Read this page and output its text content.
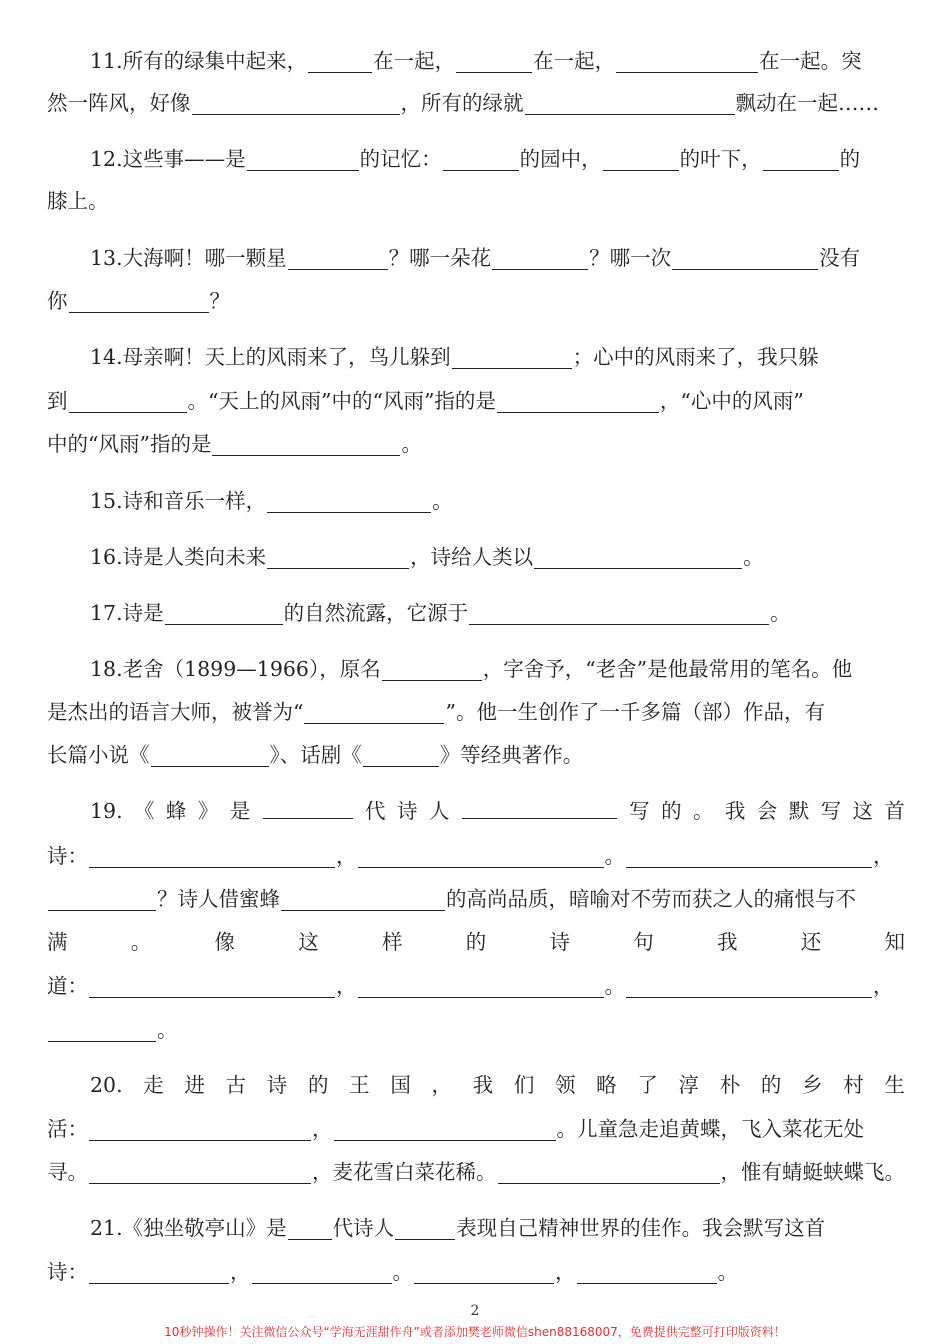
11.所有的绿集中起来，	在一起，	在一起，	在一起。突
然一阵风，好像	，所有的绿就	飘动在一起……
12.这些事——是	的记忆：	的园中，	的叶下，	的
膝上。
13.大海啊！哪一颗星	？哪一朵花	？哪一次	没有
你	？
14.母亲啊！天上的风雨来了，鸟儿躲到	；心中的风雨来了，我只躲
到	。“天上的风雨”中的“风雨”指的是	，“心中的风雨”
中的“风雨”指的是	。
15.诗和音乐一样，	。
16.诗是人类向未来	，诗给人类以	。
17.诗是	的自然流露，它源于	。
18.老舍（1899—1966），原名	，字舍予，“老舍”是他最常用的笔名。他
是杰出的语言大师，被誉为“	”。他一生创作了一千多篇（部）作品，有
长篇小说《	》、话剧《	》等经典著作。
19. 《 蜂 》 是	代 诗 人	写 的 。 我 会 默 写 这 首
诗：	，	。	，
？诗人借蜜蜂	的高尚品质，暗喻对不劳而获之人的痛恨与不
满	。	像	这	样	的	诗	句	我	还	知
道：	，	。	，
。
20. 走 进 古 诗 的 王 国 ， 我 们 领 略 了 淳 朴 的 乡 村 生
活：	，	。儿童急走追黄蝶，飞入菜花无处
寻。	，麦花雪白菜花稀。	，惟有蜻蜓蛱蝶飞。
21.《独坐敬亭山》是 代诗人	表现自己精神世界的佳作。我会默写这首
诗：	，	。	，	。
2
10秒钟操作！关注微信公众号“学海无涯甜作舟”或者添加樊老师微信shen88168007，免费提供完整可打印版资料！
